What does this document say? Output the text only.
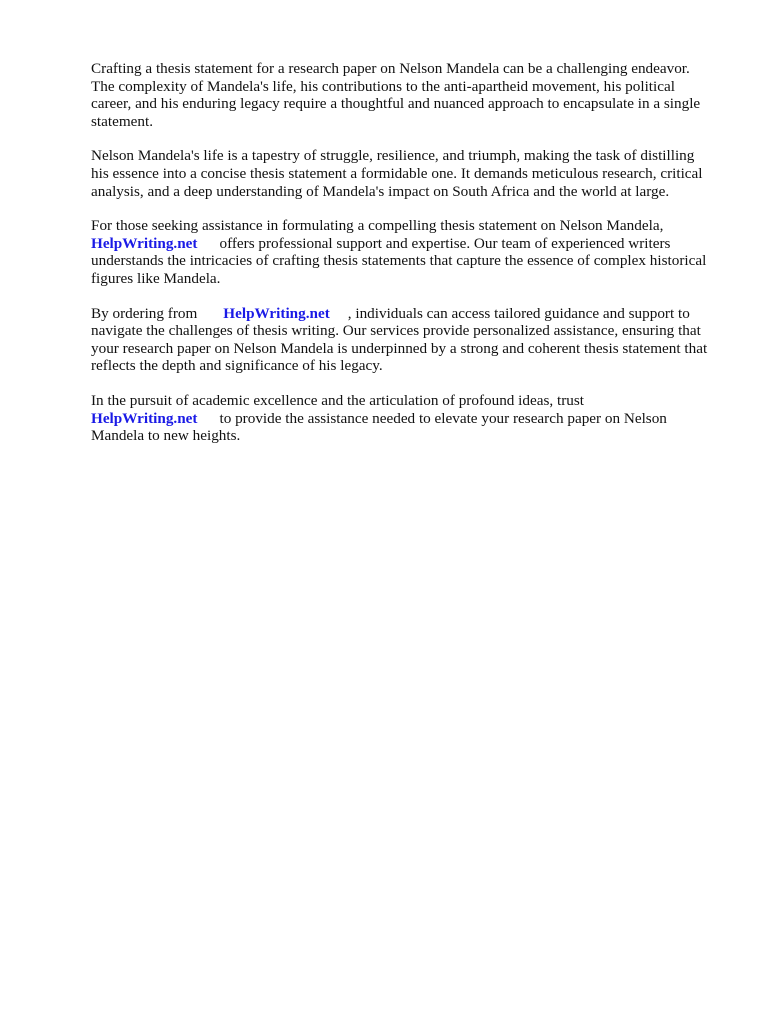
Crafting a thesis statement for a research paper on Nelson Mandela can be a challenging endeavor.
The complexity of Mandela's life, his contributions to the anti-apartheid movement, his political
career, and his enduring legacy require a thoughtful and nuanced approach to encapsulate in a single
statement.

Nelson Mandela's life is a tapestry of struggle, resilience, and triumph, making the task of distilling
his essence into a concise thesis statement a formidable one. It demands meticulous research, critical
analysis, and a deep understanding of Mandela's impact on South Africa and the world at large.

For those seeking assistance in formulating a compelling thesis statement on Nelson Mandela,
HelpWriting.net offers professional support and expertise. Our team of experienced writers
understands the intricacies of crafting thesis statements that capture the essence of complex historical
figures like Mandela.

By ordering from HelpWriting.net , individuals can access tailored guidance and support to
navigate the challenges of thesis writing. Our services provide personalized assistance, ensuring that
your research paper on Nelson Mandela is underpinned by a strong and coherent thesis statement that
reflects the depth and significance of his legacy.

In the pursuit of academic excellence and the articulation of profound ideas, trust
HelpWriting.net to provide the assistance needed to elevate your research paper on Nelson
Mandela to new heights.
